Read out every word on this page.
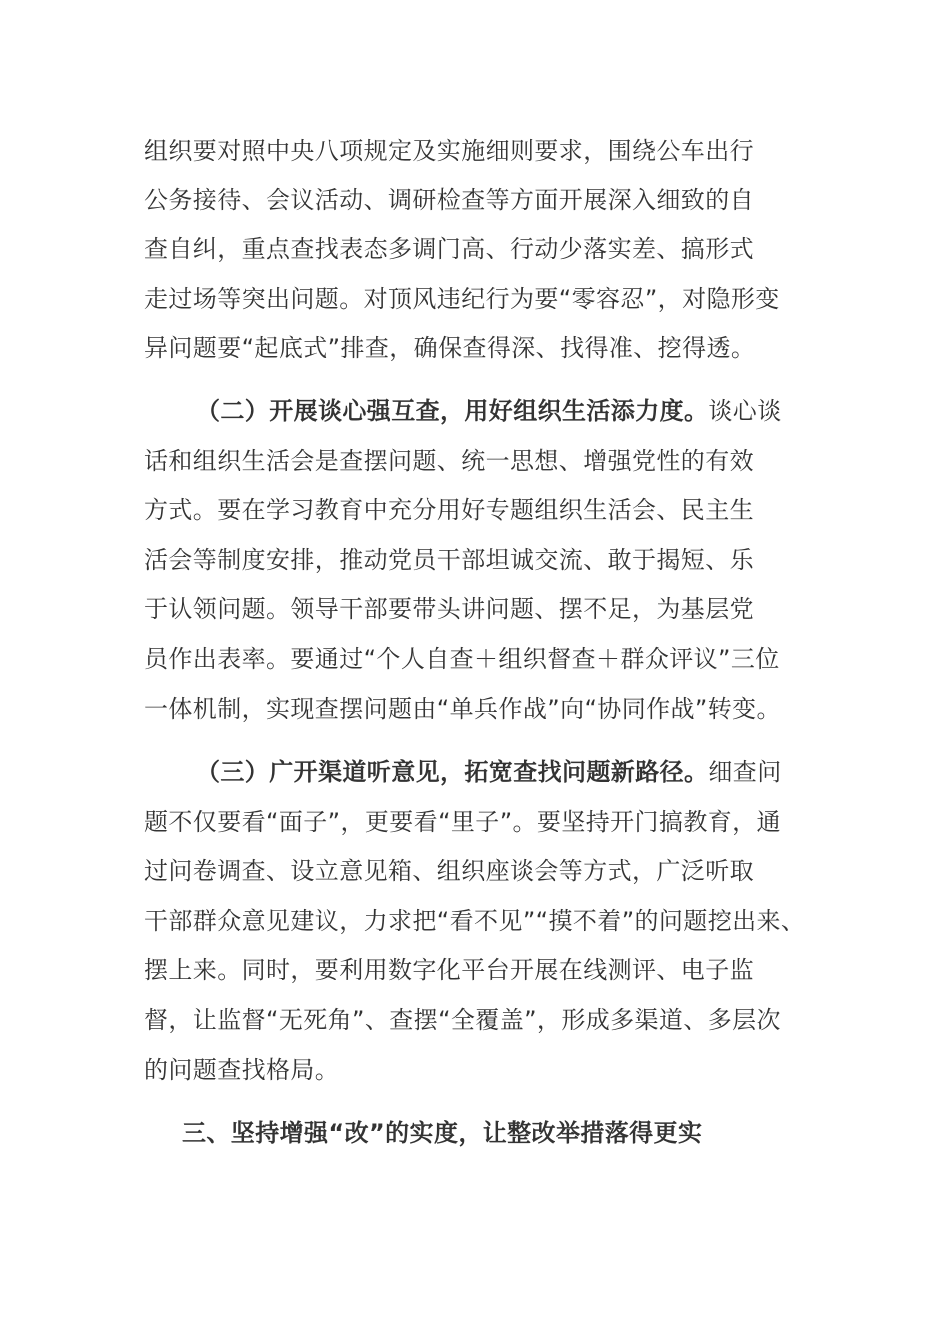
组织要对照中央八项规定及实施细则要求，围绕公车出行
公务接待、会议活动、调研检查等方面开展深入细致的自
查自纠，重点查找表态多调门高、行动少落实差、搞形式
走过场等突出问题。对顶风违纪行为要“零容忍”，对隐形变
异问题要“起底式”排查，确保查得深、找得准、挖得透。
（二）开展谈心强互查，用好组织生活添力度。谈心谈
话和组织生活会是查摆问题、统一思想、增强党性的有效
方式。要在学习教育中充分用好专题组织生活会、民主生
活会等制度安排，推动党员干部坦诚交流、敢于揭短、乐
于认领问题。领导干部要带头讲问题、摆不足，为基层党
员作出表率。要通过“个人自查＋组织督查＋群众评议”三位
一体机制，实现查摆问题由“单兵作战”向“协同作战”转变。
（三）广开渠道听意见，拓宽查找问题新路径。细查问
题不仅要看“面子”，更要看“里子”。要坚持开门搞教育，通
过问卷调查、设立意见箱、组织座谈会等方式，广泛听取
干部群众意见建议，力求把“看不见”“摸不着”的问题挖出来、
摆上来。同时，要利用数字化平台开展在线测评、电子监
督，让监督“无死角”、查摆“全覆盖”，形成多渠道、多层次
的问题查找格局。
三、坚持增强“改”的实度，让整改举措落得更实
